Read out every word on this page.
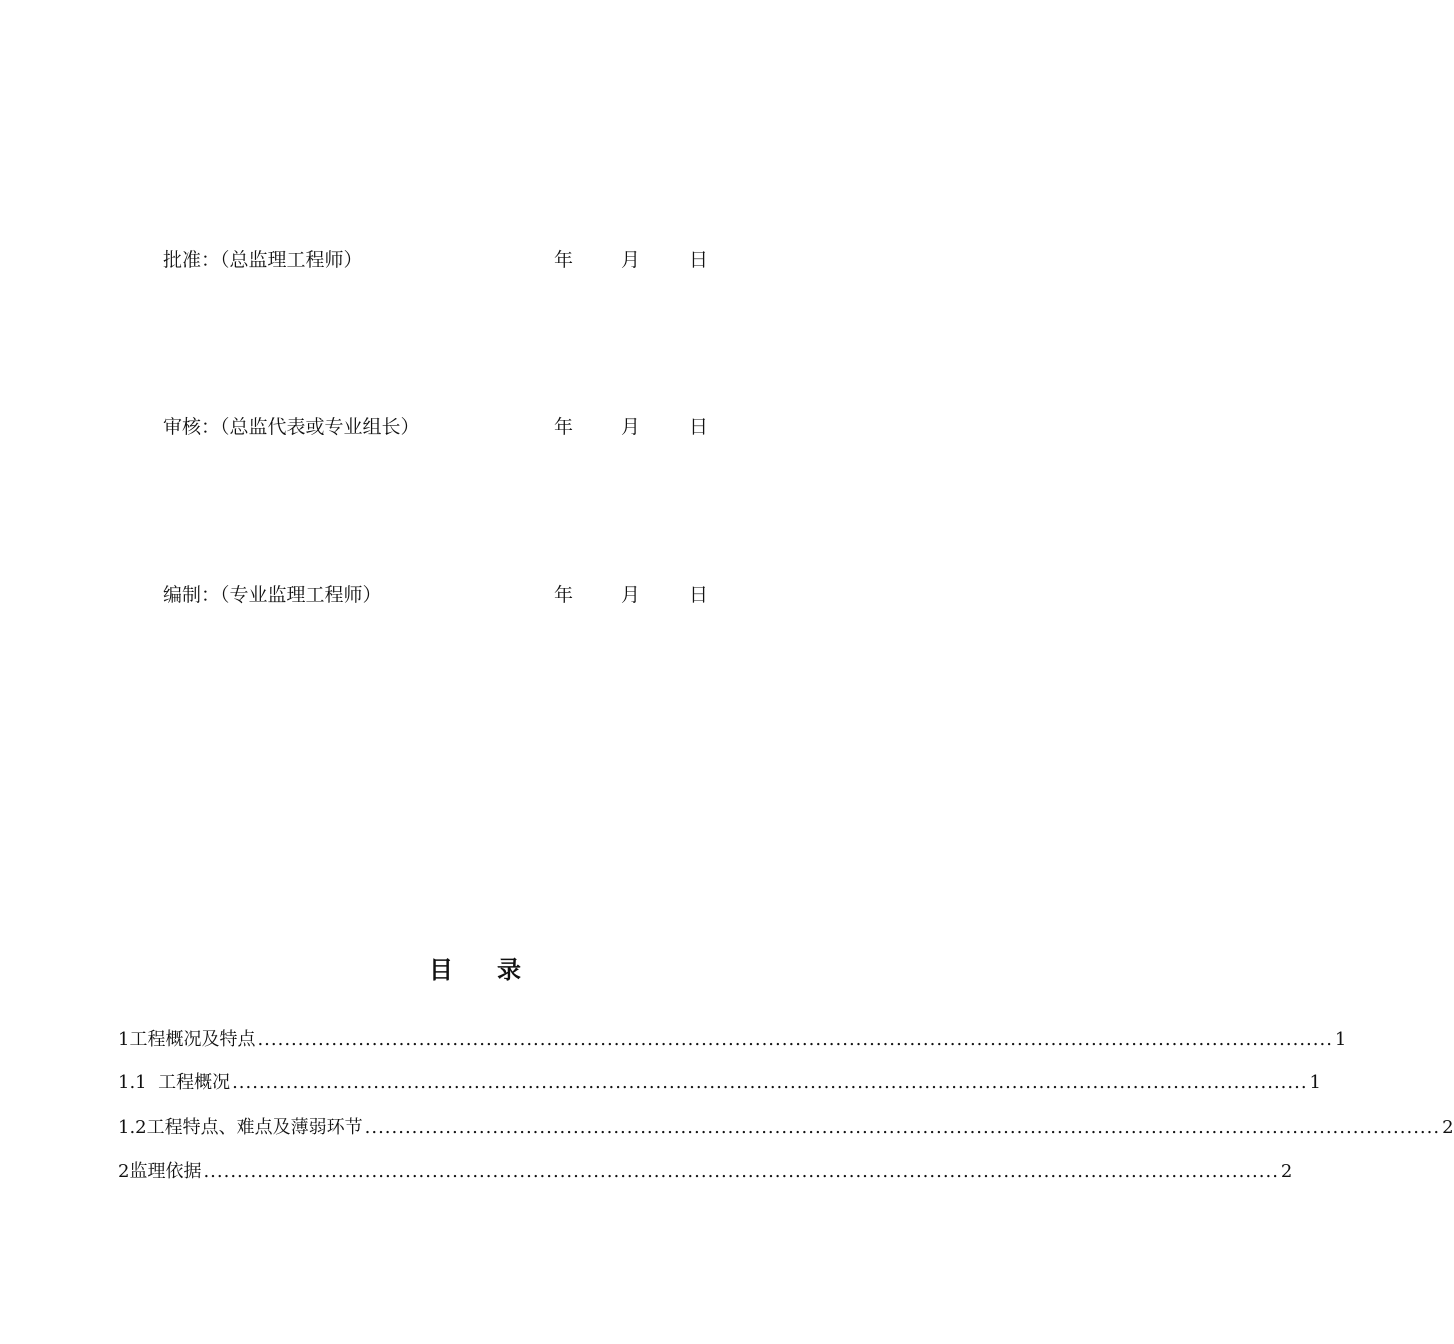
批准：（总监理工程师）	年	月	日
审核：（总监代表或专业组长）	年	月	日
编制：（专业监理工程师）	年	月	日
目 录
1工程概况及特点 ................................................................................................................................................................ 1
1.1  工程概况 ................................................................................................................................................................ 1
1.2工程特点、难点及薄弱环节 ................................................................................................................................................................ 2
2监理依据 ................................................................................................................................................................ 2
